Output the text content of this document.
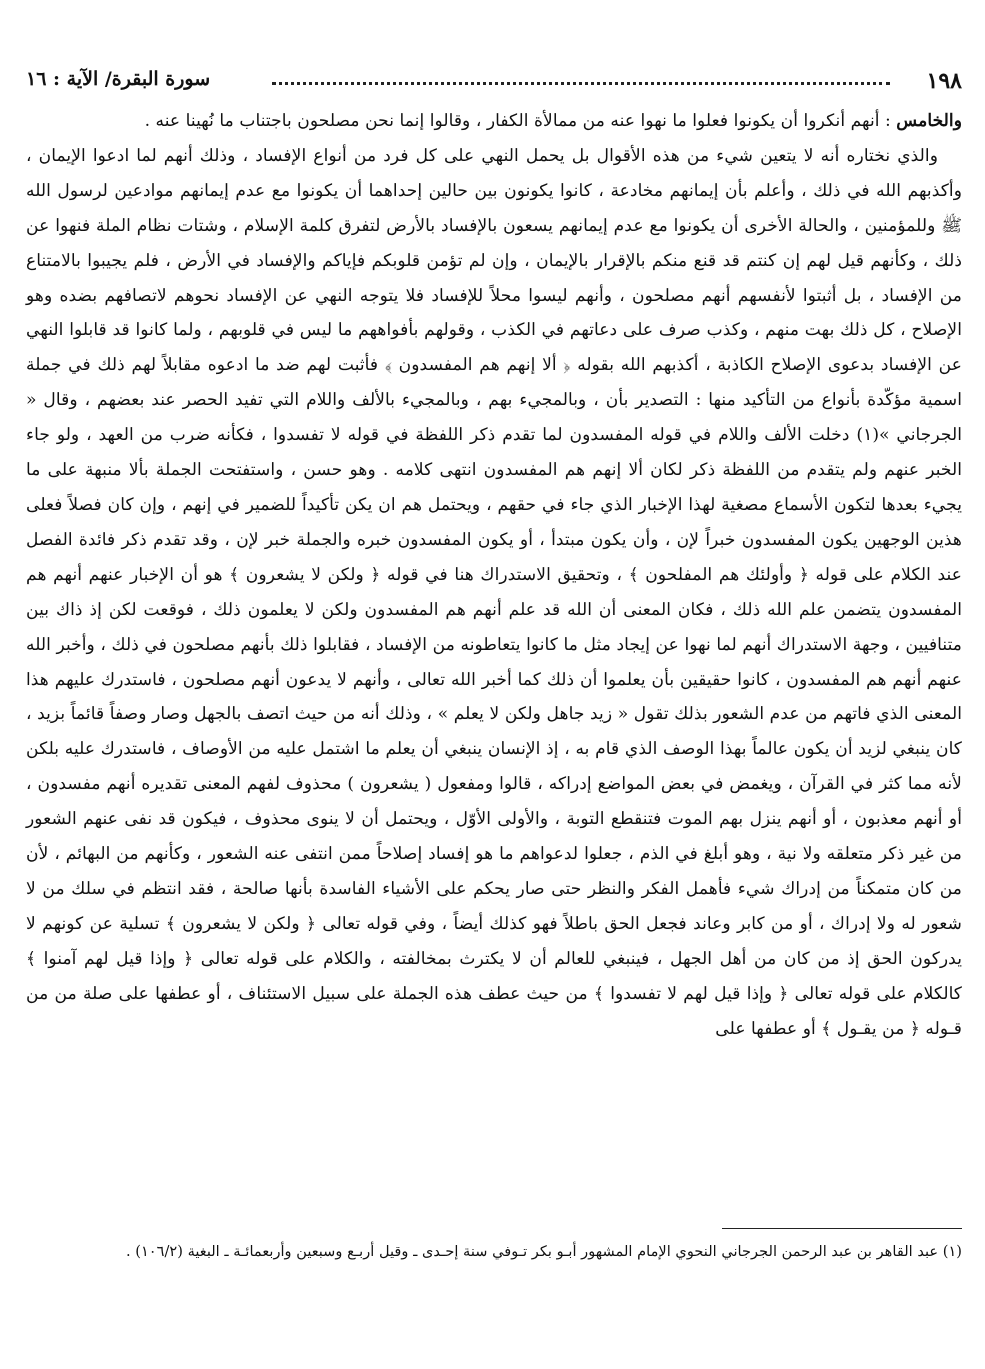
١٩٨
سورة البقرة/ الآية : ١٦

والخامس : أنهم أنكروا أن يكونوا فعلوا ما نهوا عنه من ممالأة الكفار ، وقالوا إنما نحن مصلحون باجتناب ما نُهينا عنه .

والذي نختاره أنه لا يتعين شيء من هذه الأقوال بل يحمل النهي على كل فرد من أنواع الإفساد ، وذلك أنهم لما ادعوا الإيمان ، وأكذبهم الله في ذلك ، وأعلم بأن إيمانهم مخادعة ، كانوا يكونون بين حالين إحداهما أن يكونوا مع عدم إيمانهم موادعين لرسول الله ﷺ وللمؤمنين ، والحالة الأخرى أن يكونوا مع عدم إيمانهم يسعون بالإفساد بالأرض لتفرق كلمة الإسلام ، وشتات نظام الملة فنهوا عن ذلك ، وكأنهم قيل لهم إن كنتم قد قنع منكم بالإقرار بالإيمان ، وإن لم تؤمن قلوبكم فإياكم والإفساد في الأرض ، فلم يجيبوا بالامتناع من الإفساد ، بل أثبتوا لأنفسهم أنهم مصلحون ، وأنهم ليسوا محلاً للإفساد فلا يتوجه النهي عن الإفساد نحوهم لاتصافهم بضده وهو الإصلاح ، كل ذلك بهت منهم ، وكذب صرف على دعاتهم في الكذب ، وقولهم بأفواههم ما ليس في قلوبهم ، ولما كانوا قد قابلوا النهي عن الإفساد بدعوى الإصلاح الكاذبة ، أكذبهم الله بقوله ﴿ ألا إنهم هم المفسدون ﴾ فأثبت لهم ضد ما ادعوه مقابلاً لهم ذلك في جملة اسمية مؤكّدة بأنواع من التأكيد منها : التصدير بأن ، وبالمجيء بهم ، وبالمجيء بالألف واللام التي تفيد الحصر عند بعضهم ، وقال « الجرجاني »(١) دخلت الألف واللام في قوله المفسدون لما تقدم ذكر اللفظة في قوله لا تفسدوا ، فكأنه ضرب من العهد ، ولو جاء الخبر عنهم ولم يتقدم من اللفظة ذكر لكان ألا إنهم هم المفسدون انتهى كلامه . وهو حسن ، واستفتحت الجملة بألا منبهة على ما يجيء بعدها لتكون الأسماع مصغية لهذا الإخبار الذي جاء في حقهم ، ويحتمل هم ان يكن تأكيداً للضمير في إنهم ، وإن كان فصلاً فعلى هذين الوجهين يكون المفسدون خبراً لإن ، وأن يكون مبتدأ ، أو يكون المفسدون خبره والجملة خبر لإن ، وقد تقدم ذكر فائدة الفصل عند الكلام على قوله ﴿ وأولئك هم المفلحون ﴾ ، وتحقيق الاستدراك هنا في قوله ﴿ ولكن لا يشعرون ﴾ هو أن الإخبار عنهم أنهم هم المفسدون يتضمن علم الله ذلك ، فكان المعنى أن الله قد علم أنهم هم المفسدون ولكن لا يعلمون ذلك ، فوقعت لكن إذ ذاك بين متنافيين ، وجهة الاستدراك أنهم لما نهوا عن إيجاد مثل ما كانوا يتعاطونه من الإفساد ، فقابلوا ذلك بأنهم مصلحون في ذلك ، وأخبر الله عنهم أنهم هم المفسدون ، كانوا حقيقين بأن يعلموا أن ذلك كما أخبر الله تعالى ، وأنهم لا يدعون أنهم مصلحون ، فاستدرك عليهم هذا المعنى الذي فاتهم من عدم الشعور بذلك تقول « زيد جاهل ولكن لا يعلم » ، وذلك أنه من حيث اتصف بالجهل وصار وصفاً قائماً بزيد ، كان ينبغي لزيد أن يكون عالماً بهذا الوصف الذي قام به ، إذ الإنسان ينبغي أن يعلم ما اشتمل عليه من الأوصاف ، فاستدرك عليه بلكن لأنه مما كثر في القرآن ، ويغمض في بعض المواضع إدراكه ، قالوا ومفعول ( يشعرون ) محذوف لفهم المعنى تقديره أنهم مفسدون ، أو أنهم معذبون ، أو أنهم ينزل بهم الموت فتنقطع التوبة ، والأولى الأوّل ، ويحتمل أن لا ينوى محذوف ، فيكون قد نفى عنهم الشعور من غير ذكر متعلقه ولا نية ، وهو أبلغ في الذم ، جعلوا لدعواهم ما هو إفساد إصلاحاً ممن انتفى عنه الشعور ، وكأنهم من البهائم ، لأن من كان متمكناً من إدراك شيء فأهمل الفكر والنظر حتى صار يحكم على الأشياء الفاسدة بأنها صالحة ، فقد انتظم في سلك من لا شعور له ولا إدراك ، أو من كابر وعاند فجعل الحق باطلاً فهو كذلك أيضاً ، وفي قوله تعالى ﴿ ولكن لا يشعرون ﴾ تسلية عن كونهم لا يدركون الحق إذ من كان من أهل الجهل ، فينبغي للعالم أن لا يكترث بمخالفته ، والكلام على قوله تعالى ﴿ وإذا قيل لهم آمنوا ﴾ كالكلام على قوله تعالى ﴿ وإذا قيل لهم لا تفسدوا ﴾ من حيث عطف هذه الجملة على سبيل الاستئناف ، أو عطفها على صلة من من قـوله ﴿ من يقـول ﴾ أو عطفها على

(١) عبد القاهر بن عبد الرحمن الجرجاني النحوي الإمام المشهور أبـو بكر تـوفي سنة إحـدى ـ وقيل أربـع وسبعين وأربعمائـة ـ البغية (١٠٦/٢) .
